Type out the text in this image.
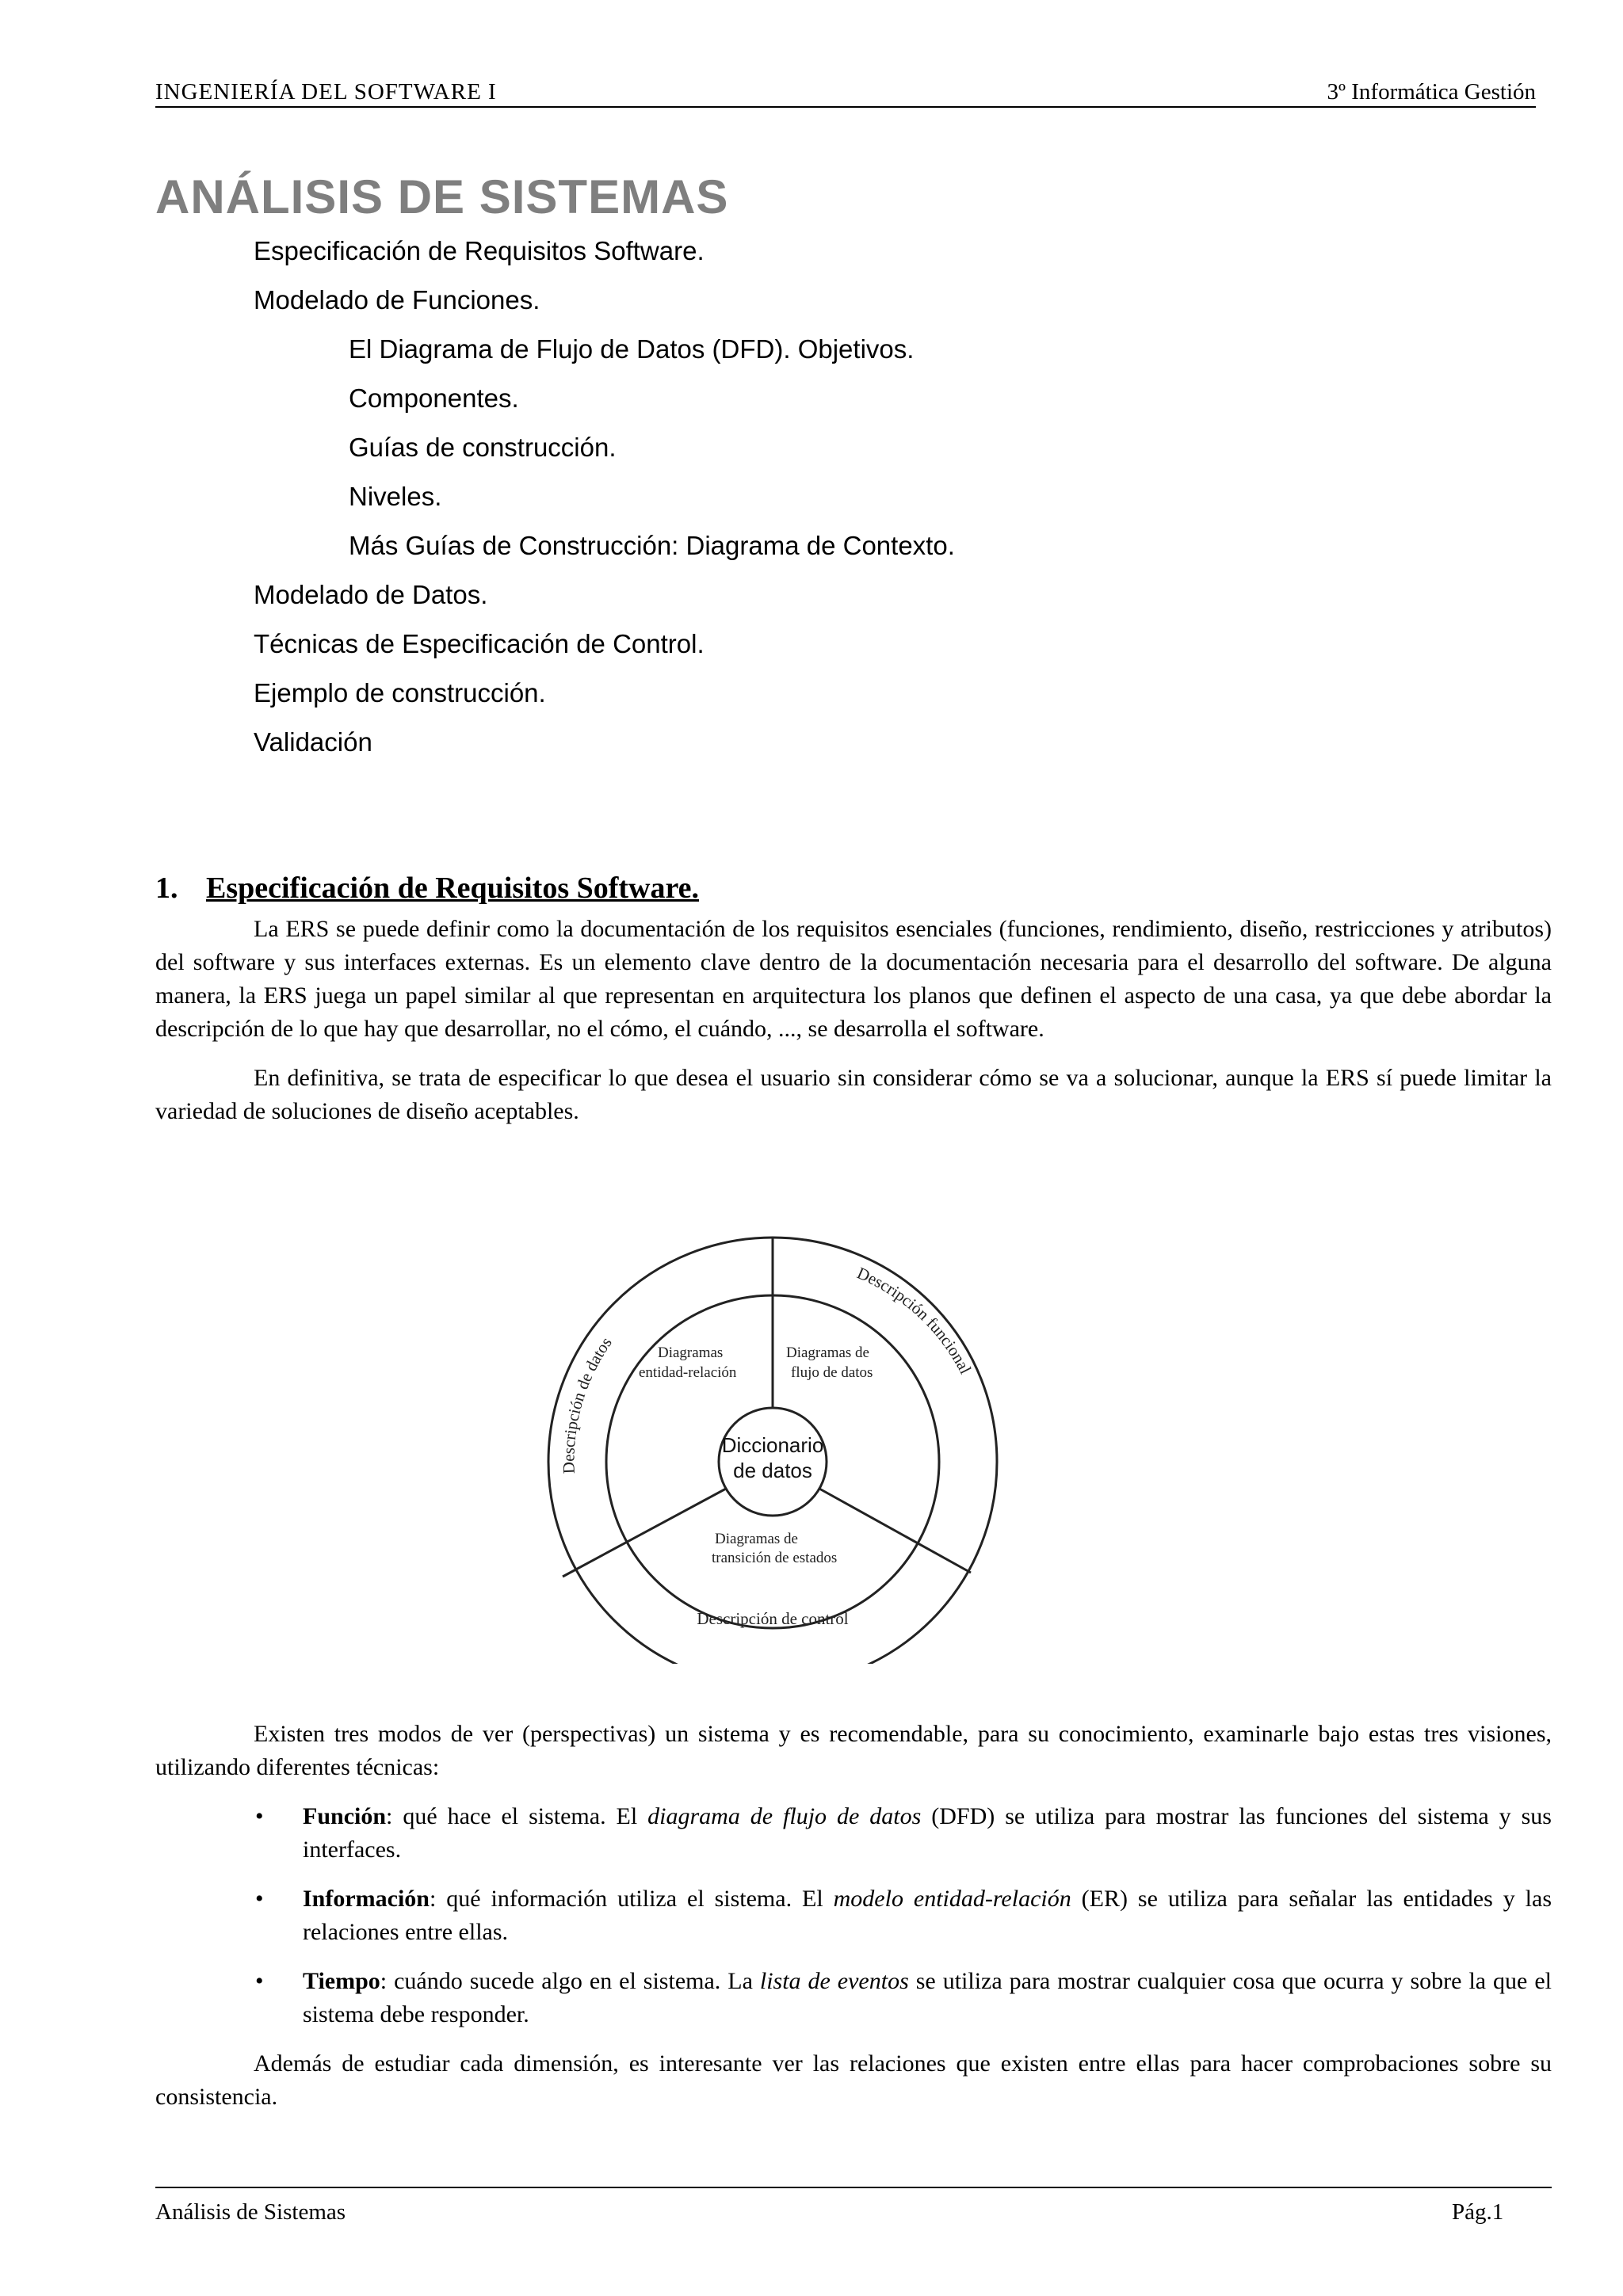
INGENIERÍA DEL SOFTWARE I	3º Informática Gestión
ANÁLISIS DE SISTEMAS
Especificación de Requisitos Software.
Modelado de Funciones.
El Diagrama de Flujo de Datos (DFD). Objetivos.
Componentes.
Guías de construcción.
Niveles.
Más Guías de Construcción: Diagrama de Contexto.
Modelado de Datos.
Técnicas de Especificación de Control.
Ejemplo de construcción.
Validación
1. Especificación de Requisitos Software.

La ERS se puede definir como la documentación de los requisitos esenciales (funciones, rendimiento, diseño, restricciones y atributos) del software y sus interfaces externas. Es un elemento clave dentro de la documentación necesaria para el desarrollo del software. De alguna manera, la ERS juega un papel similar al que representan en arquitectura los planos que definen el aspecto de una casa, ya que debe abordar la descripción de lo que hay que desarrollar, no el cómo, el cuándo, ..., se desarrolla el software.

En definitiva, se trata de especificar lo que desea el usuario sin considerar cómo se va a solucionar, aunque la ERS sí puede limitar la variedad de soluciones de diseño aceptables.

Descripción de datos
Descripción funcional
Descripción de control
Diagramas
entidad-relación
Diagramas de
flujo de datos
Diagramas de
transición de estados
Diccionario
de datos

Existen tres modos de ver (perspectivas) un sistema y es recomendable, para su conocimiento, examinarle bajo estas tres visiones, utilizando diferentes técnicas:

• Función: qué hace el sistema. El diagrama de flujo de datos (DFD) se utiliza para mostrar las funciones del sistema y sus interfaces.
• Información: qué información utiliza el sistema. El modelo entidad-relación (ER) se utiliza para señalar las entidades y las relaciones entre ellas.
• Tiempo: cuándo sucede algo en el sistema. La lista de eventos se utiliza para mostrar cualquier cosa que ocurra y sobre la que el sistema debe responder.

Además de estudiar cada dimensión, es interesante ver las relaciones que existen entre ellas para hacer comprobaciones sobre su consistencia.

Análisis de Sistemas	Pág.1
